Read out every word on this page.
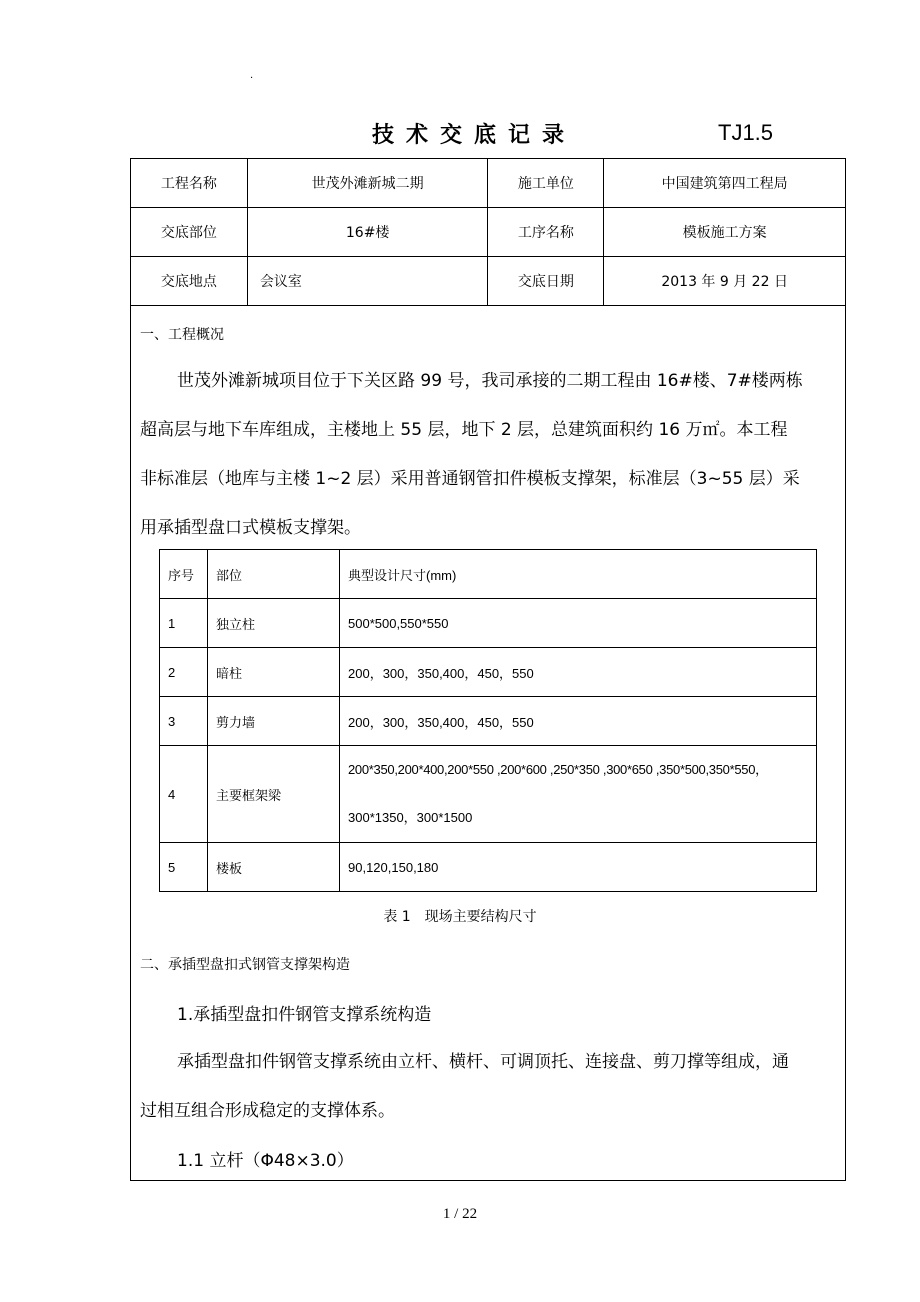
.
技术交底记录	TJ1.5
工程名称	世茂外滩新城二期	施工单位	中国建筑第四工程局
交底部位	16#楼	工序名称	模板施工方案
交底地点	会议室	交底日期	2013 年 9 月 22 日
一、工程概况
世茂外滩新城项目位于下关区路 99 号，我司承接的二期工程由 16#楼、7#楼两栋
超高层与地下车库组成，主楼地上 55 层，地下 2 层，总建筑面积约 16 万㎡。本工程
非标准层（地库与主楼 1~2 层）采用普通钢管扣件模板支撑架，标准层（3~55 层）采
用承插型盘口式模板支撑架。
序号	部位	典型设计尺寸(mm)
1	独立柱	500*500,550*550
2	暗柱	200，300，350,400，450，550
3	剪力墙	200，300，350,400，450，550
4	主要框架梁	200*350,200*400,200*550 ,200*600 ,250*350 ,300*650 ,350*500,350*550，
300*1350，300*1500

5	楼板	90,120,150,180
表 1　现场主要结构尺寸
二、承插型盘扣式钢管支撑架构造
1.承插型盘扣件钢管支撑系统构造
承插型盘扣件钢管支撑系统由立杆、横杆、可调顶托、连接盘、剪刀撑等组成，通
过相互组合形成稳定的支撑体系。
1.1 立杆（Φ48×3.0）
1 / 22
